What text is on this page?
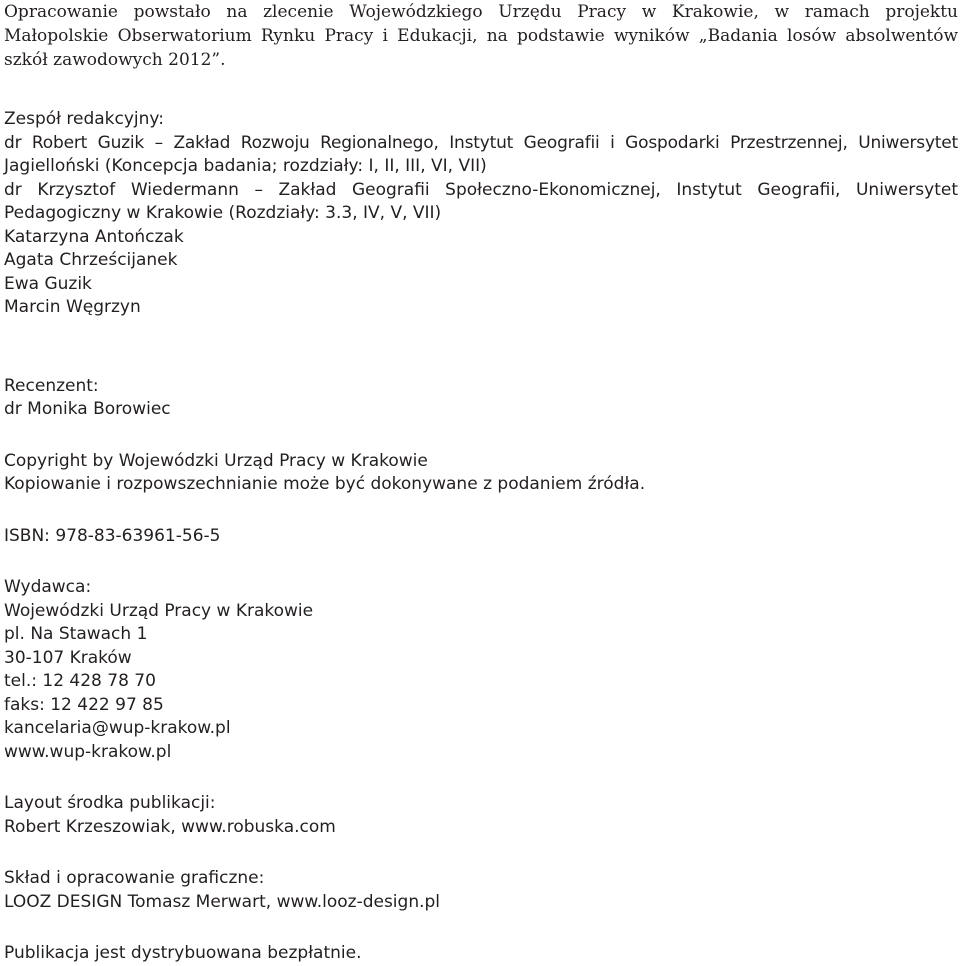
Opracowanie powstało na zlecenie Wojewódzkiego Urzędu Pracy w Krakowie, w ramach projektu
Małopolskie Obserwatorium Rynku Pracy i Edukacji, na podstawie wyników „Badania losów absolwentów
szkół zawodowych 2012”.

Zespół redakcyjny:
dr Robert Guzik – Zakład Rozwoju Regionalnego, Instytut Geografii i Gospodarki Przestrzennej, Uniwersytet
Jagielloński (Koncepcja badania; rozdziały: I, II, III, VI, VII)
dr Krzysztof Wiedermann – Zakład Geografii Społeczno-Ekonomicznej, Instytut Geografii, Uniwersytet
Pedagogiczny w Krakowie (Rozdziały: 3.3, IV, V, VII)
Katarzyna Antończak
Agata Chrześcijanek
Ewa Guzik
Marcin Węgrzyn
Recenzent:
dr Monika Borowiec
Copyright by Wojewódzki Urząd Pracy w Krakowie
Kopiowanie i rozpowszechnianie może być dokonywane z podaniem źródła.
ISBN: 978-83-63961-56-5
Wydawca:
Wojewódzki Urząd Pracy w Krakowie
pl. Na Stawach 1
30-107 Kraków
tel.: 12 428 78 70
faks: 12 422 97 85
kancelaria@wup-krakow.pl
www.wup-krakow.pl
Layout środka publikacji:
Robert Krzeszowiak, www.robuska.com
Skład i opracowanie graficzne:
LOOZ DESIGN Tomasz Merwart, www.looz-design.pl
Publikacja jest dystrybuowana bezpłatnie.
